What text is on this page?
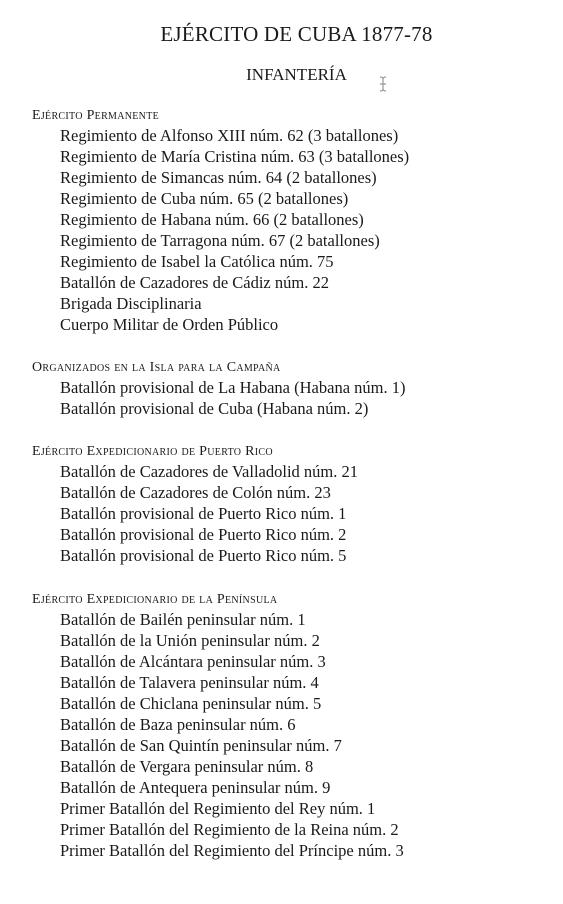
EJÉRCITO DE CUBA 1877-78
INFANTERÍA
Ejército Permanente
Regimiento de Alfonso XIII núm. 62 (3 batallones)
Regimiento de María Cristina núm. 63 (3 batallones)
Regimiento de Simancas núm. 64 (2 batallones)
Regimiento de Cuba núm. 65 (2 batallones)
Regimiento de Habana núm. 66 (2 batallones)
Regimiento de Tarragona núm. 67 (2 batallones)
Regimiento de Isabel la Católica núm. 75
Batallón de Cazadores de Cádiz núm. 22
Brigada Disciplinaria
Cuerpo Militar de Orden Público
Organizados en la Isla para la Campaña
Batallón provisional de La Habana (Habana núm. 1)
Batallón provisional de Cuba (Habana núm. 2)
Ejército Expedicionario de Puerto Rico
Batallón de Cazadores de Valladolid núm. 21
Batallón de Cazadores de Colón núm. 23
Batallón provisional de Puerto Rico núm. 1
Batallón provisional de Puerto Rico núm. 2
Batallón provisional de Puerto Rico núm. 5
Ejército Expedicionario de la Península
Batallón de Bailén peninsular núm. 1
Batallón de la Unión peninsular núm. 2
Batallón de Alcántara peninsular núm. 3
Batallón de Talavera peninsular núm. 4
Batallón de Chiclana peninsular núm. 5
Batallón de Baza peninsular núm. 6
Batallón de San Quintín peninsular núm. 7
Batallón de Vergara peninsular núm. 8
Batallón de Antequera peninsular núm. 9
Primer Batallón del Regimiento del Rey núm. 1
Primer Batallón del Regimiento de la Reina núm. 2
Primer Batallón del Regimiento del Príncipe núm. 3
